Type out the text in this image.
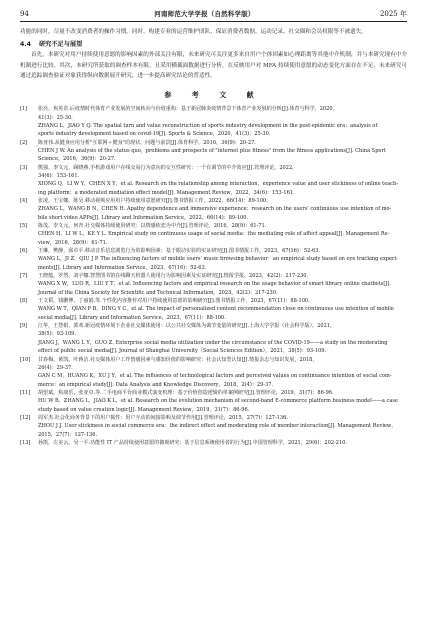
94	河南师范大学学报（自然科学版）	2025 年

功能的同时，尽量不改变消费者的操作习惯。同时，构建专业的运营维护团队，保证消费者数据、运动记录、社交圈和会员权限等不被遗失。

4.4 研究不足与展望

首先，本研究对用户持续使用意愿的影响因素的外部关注有限，未来研究可关注更多来自用户个体因素如心理距离等其他中介机制，并与本研究现有中介机制进行比较。其次，本研究所获取的调查样本有限，且采用横截面数据进行分析，在反映用户对 MFA 持续使用意愿的动态变化方面存在不足，未来研究可通过追踪调查验证对象获得纵向数据展开研究，进一步提高研究结论的普适性。

参 考 文 献
[1]	张亮，焦英奇.后疫情时代体育产业发展的空间转向与价值重构：基于新冠肺炎疫情背景下体育产业发展的分析[J].体育与科学，2020，
41(3)：25-30.
ZHANG L，JIAO Y Q. The spatial turn and value reconstruction of sports industry development in the post-epidemic era：analysis of
sports industry development based on covid-19[J]. Sports & Science，2020，41(3)：25-30.
[2]	陈亚伟.从健身应用分析"互联网＋健身"的现状、问题与前景[J].体育科学，2016，36(9)：20-27.
CHEN J W. An analysis of the status quo，problems and prospects of "internet plus fitness" from the fitness applications[J]. China Sport
Science，2016，36(9)：20-27.
[3]	熊强，李文元，顾晓燕.手机游戏用户在线交易行为意向的交互性研究：一个有调节的中介效应[J].管理评论，2022，
34(6)：153-161.
XIONG Q，LI W Y，CHEN X Y，et al. Research on the relationship among interaction，experience value and user stickiness of online teach-
ing platform：a moderated mediation effect model[J]. Management Review，2022，34(6)：153-161.
[4]	张凌，王宝娜，陈吴.移动视频应用用户持续使用意愿研究[J].图书情报工作，2022，66(14)：89-100.
ZHANG L，WANG B N，CHEN H. Apathy dependence and immersive experience：research on the users' continuous use intention of mo-
bile short video APPs[J]. Library and Information Service，2022，66(14)：89-100.
[5]	陈茂，李文元，何青.社交媒体持续使用研究：以情感依恋为中介[J].管理评论，2016，28(9)：61-71.
CHEN H，LI W L，KE Y L. Empirical study on continuous usage of social media：the mediating role of affect appeal[J]. Management Re-
view，2016，28(9)：61-71.
[6]	王琳，樊静，邱卓平.移动音乐信息浏览行为的影响因素：基于眼动实验的实证研究[J].图书情报工作，2023，67(16)：52-63.
WANG L，JI Z，QIU J P. The influencing factors of mobile users' music browsing behavior：an empirical study based on eye tracking experi-
ments[J]. Library and Information Service，2023，67(16)：52-63.
[7]	王晓蕴，罗然，刘宇娜.智慧图书馆在线聊天机器人使用行为影响因素及实证研究[J].情报学报，2023，42(2)：217-230.
WANG X W，LUO R，LIU Y T，et al. Influencing factors and empirical research on the usage behavior of smart library online chatbots[J].
Journal of the China Society for Scientific and Technical Information，2023，42(2)：217-230.
[8]	王文韬，钱鹏博，丁丽娟.等.个性化内容推荐对用户持续使用意愿的影响研究[J].图书情报工作，2023，67(11)：88-100.
WANG W T，QIAN P B，DING Y C，et al. The impact of personalized content recommendation close on continuous use intention of mobile
social media[J]. Library and Information Service，2023，67(11)：88-100.
[9]	江华，王慧娟，郭欢.新冠疫情环境下企业社交媒体使用：以公共社交媒体为调节变量的研究[J].上海大学学报（社会科学版），2021，
38(5)：93-109.
JIANG J，WANG L Y，GUO Z. Enterprise social media utilization under the circumstance of the COVID-19——a study on the moderating
effect of public social media[J]. Journal of Shanghai University（Social Sciences Edition），2021，38(5)：93-109.
[10]	甘春梅，黄凯，叶蒋洁.社交媒体用户工作情感因素与感知价值的影响研究：社会认知型认知[J].情报杂志与知识发展，2018，
26(4)：29-37.
GAN C M，HUANG K，XU J Y，et al. The influences of technological factors and perceived values on continuance intention of social com-
merce：an empirical study[J]. Data Analysis and Knowledge Discovery，2018，2(4)：29-37.
[11]	胡望斌，焦康乐，张亚卓.等.二手电商平台商业模式演变机理：基于价值创造逻辑的单案例研究[J].管理评论，2019，31(7)：86-96.
HU W B，ZHANG L，JIAO K L，et al. Research on the evolution mechanism of second-hand E-commerce platform business model——a case
study based on value creation logic[J]. Management Review，2019，31(7)：86-96.
[12]	周军杰.社会化商务背景下的用户黏性：用户互动的间接影响及调节作用[J].管理评论，2015，27(7)：127-136.
ZHOU J J. User stickiness in social commerce era：the indirect effect and moderating role of member interaction[J]. Management Review，
2015，27(7)：127-136.
[13]	孙凯，左美云，吴一平.功能性 IT 产品持续使用意愿的微观研究：基于信息系统使用者的行为[J].中国管理科学，2021，29(6)：202-210.
